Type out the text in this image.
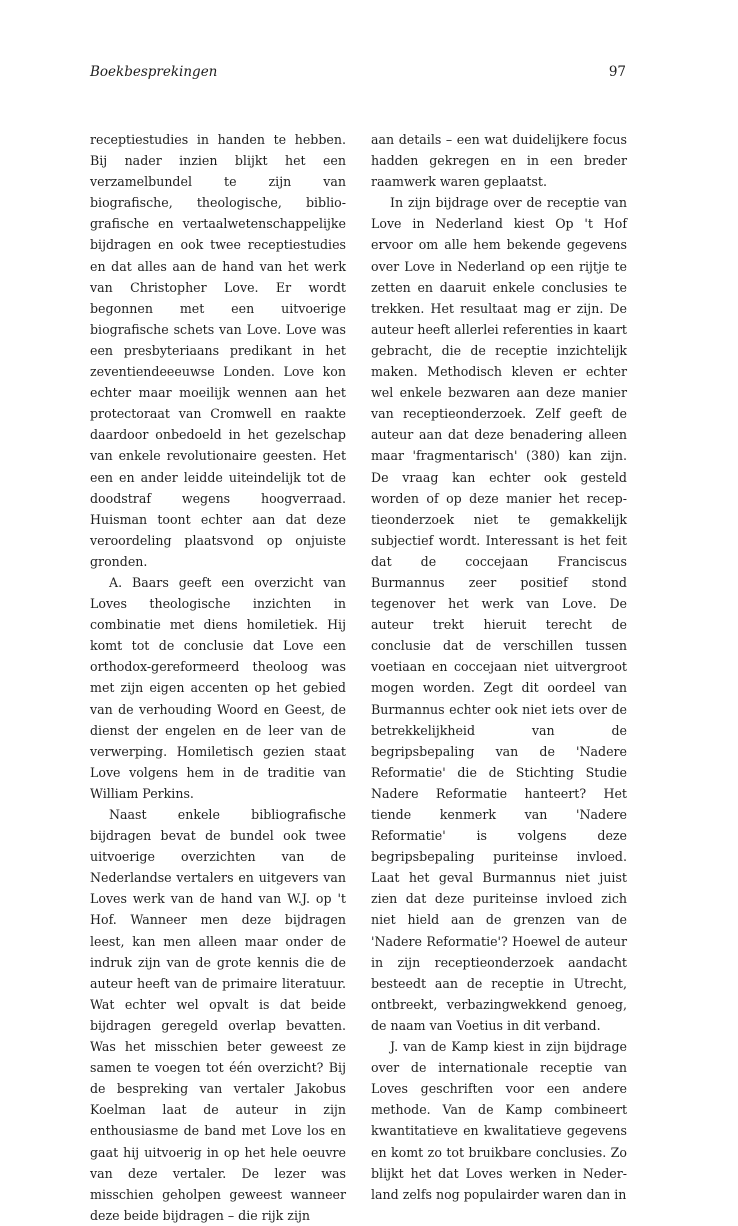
Boekbesprekingen	97

receptiestudies in handen te hebben. Bij nader inzien blijkt het een verzamelbundel te zijn van biografische, theologische, bibliografische en vertaalwetenschappelijke bijdragen en ook twee receptiestudies en dat alles aan de hand van het werk van Christopher Love. Er wordt begonnen met een uitvoerige biografische schets van Love. Love was een presbyteriaans predikant in het zeventiendeeeuwse Londen. Love kon echter maar moeilijk wennen aan het protectoraat van Cromwell en raakte daardoor onbedoeld in het gezelschap van enkele revolutionaire geesten. Het een en ander leidde uiteindelijk tot de doodstraf wegens hoogverraad. Huisman toont echter aan dat deze veroordeling plaatsvond op onjuiste gronden.

A. Baars geeft een overzicht van Loves theologische inzichten in combinatie met diens homiletiek. Hij komt tot de conclusie dat Love een orthodox-gereformeerd theoloog was met zijn eigen accenten op het gebied van de verhouding Woord en Geest, de dienst der engelen en de leer van de verwerping. Homiletisch gezien staat Love volgens hem in de traditie van William Perkins.

Naast enkele bibliografische bijdragen bevat de bundel ook twee uitvoerige overzichten van de Nederlandse vertalers en uitgevers van Loves werk van de hand van W.J. op 't Hof. Wanneer men deze bijdragen leest, kan men alleen maar onder de indruk zijn van de grote kennis die de auteur heeft van de primaire literatuur. Wat echter wel opvalt is dat beide bijdragen geregeld overlap bevatten. Was het misschien beter geweest ze samen te voegen tot één overzicht? Bij de bespreking van vertaler Jakobus Koelman laat de auteur in zijn enthousiasme de band met Love los en gaat hij uitvoerig in op het hele oeuvre van deze vertaler. De lezer was misschien geholpen geweest wanneer deze beide bijdragen – die rijk zijn

aan details – een wat duidelijkere focus hadden gekregen en in een breder raamwerk waren geplaatst.

In zijn bijdrage over de receptie van Love in Nederland kiest Op 't Hof ervoor om alle hem bekende gegevens over Love in Nederland op een rijtje te zetten en daaruit enkele conclusies te trekken. Het resultaat mag er zijn. De auteur heeft allerlei referenties in kaart gebracht, die de receptie inzichtelijk maken. Methodisch kleven er echter wel enkele bezwaren aan deze manier van receptieonderzoek. Zelf geeft de auteur aan dat deze benadering alleen maar 'fragmentarisch' (380) kan zijn. De vraag kan echter ook gesteld worden of op deze manier het receptieonderzoek niet te gemakkelijk subjectief wordt. Interessant is het feit dat de coccejaan Franciscus Burmannus zeer positief stond tegenover het werk van Love. De auteur trekt hieruit terecht de conclusie dat de verschillen tussen voetiaan en coccejaan niet uitvergroot mogen worden. Zegt dit oordeel van Burmannus echter ook niet iets over de betrekkelijkheid van de begripsbepaling van de 'Nadere Reformatie' die de Stichting Studie Nadere Reformatie hanteert? Het tiende kenmerk van 'Nadere Reformatie' is volgens deze begripsbepaling puriteinse invloed. Laat het geval Burmannus niet juist zien dat deze puriteinse invloed zich niet hield aan de grenzen van de 'Nadere Reformatie'? Hoewel de auteur in zijn receptieonderzoek aandacht besteedt aan de receptie in Utrecht, ontbreekt, verbazingwekkend genoeg, de naam van Voetius in dit verband.

J. van de Kamp kiest in zijn bijdrage over de internationale receptie van Loves geschriften voor een andere methode. Van de Kamp combineert kwantitatieve en kwalitatieve gegevens en komt zo tot bruikbare conclusies. Zo blijkt het dat Loves werken in Nederland zelfs nog populairder waren dan in
